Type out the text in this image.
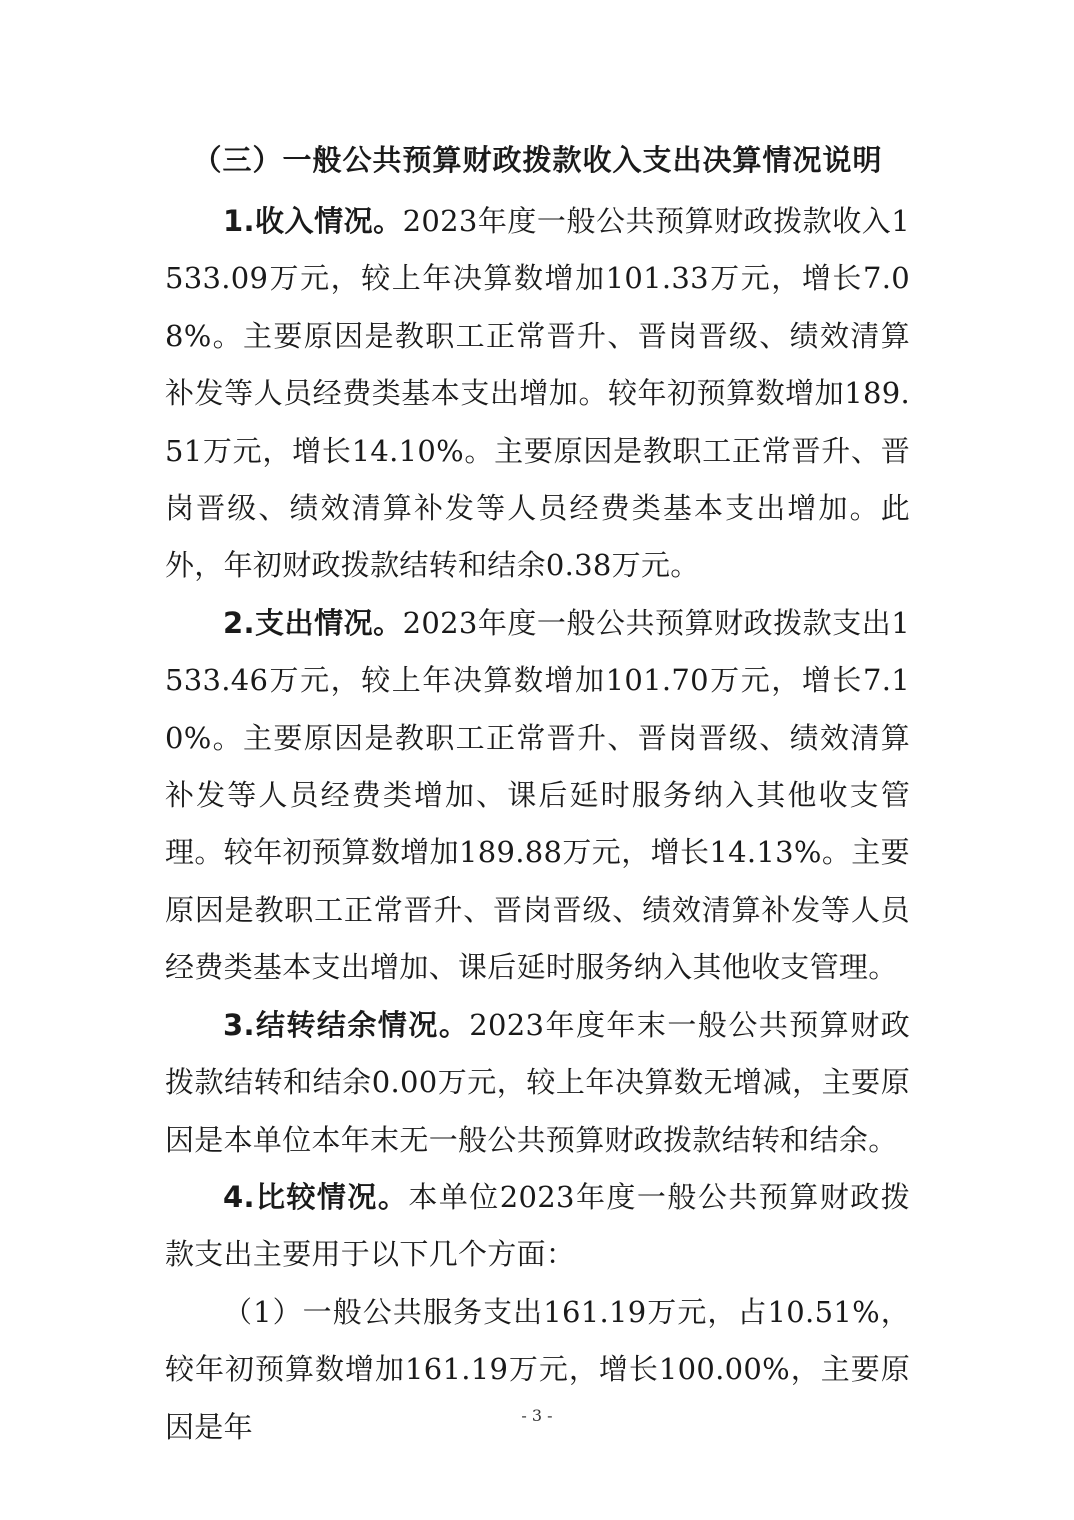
（三）一般公共预算财政拨款收入支出决算情况说明

1.收入情况。2023年度一般公共预算财政拨款收入1533.09万元，较上年决算数增加101.33万元，增长7.08%。主要原因是教职工正常晋升、晋岗晋级、绩效清算补发等人员经费类基本支出增加。较年初预算数增加189.51万元，增长14.10%。主要原因是教职工正常晋升、晋岗晋级、绩效清算补发等人员经费类基本支出增加。此外，年初财政拨款结转和结余0.38万元。

2.支出情况。2023年度一般公共预算财政拨款支出1533.46万元，较上年决算数增加101.70万元，增长7.10%。主要原因是教职工正常晋升、晋岗晋级、绩效清算补发等人员经费类增加、课后延时服务纳入其他收支管理。较年初预算数增加189.88万元，增长14.13%。主要原因是教职工正常晋升、晋岗晋级、绩效清算补发等人员经费类基本支出增加、课后延时服务纳入其他收支管理。

3.结转结余情况。2023年度年末一般公共预算财政拨款结转和结余0.00万元，较上年决算数无增减，主要原因是本单位本年末无一般公共预算财政拨款结转和结余。

4.比较情况。本单位2023年度一般公共预算财政拨款支出主要用于以下几个方面：

（1）一般公共服务支出161.19万元，占10.51%，较年初预算数增加161.19万元，增长100.00%，主要原因是年	- 3 -
